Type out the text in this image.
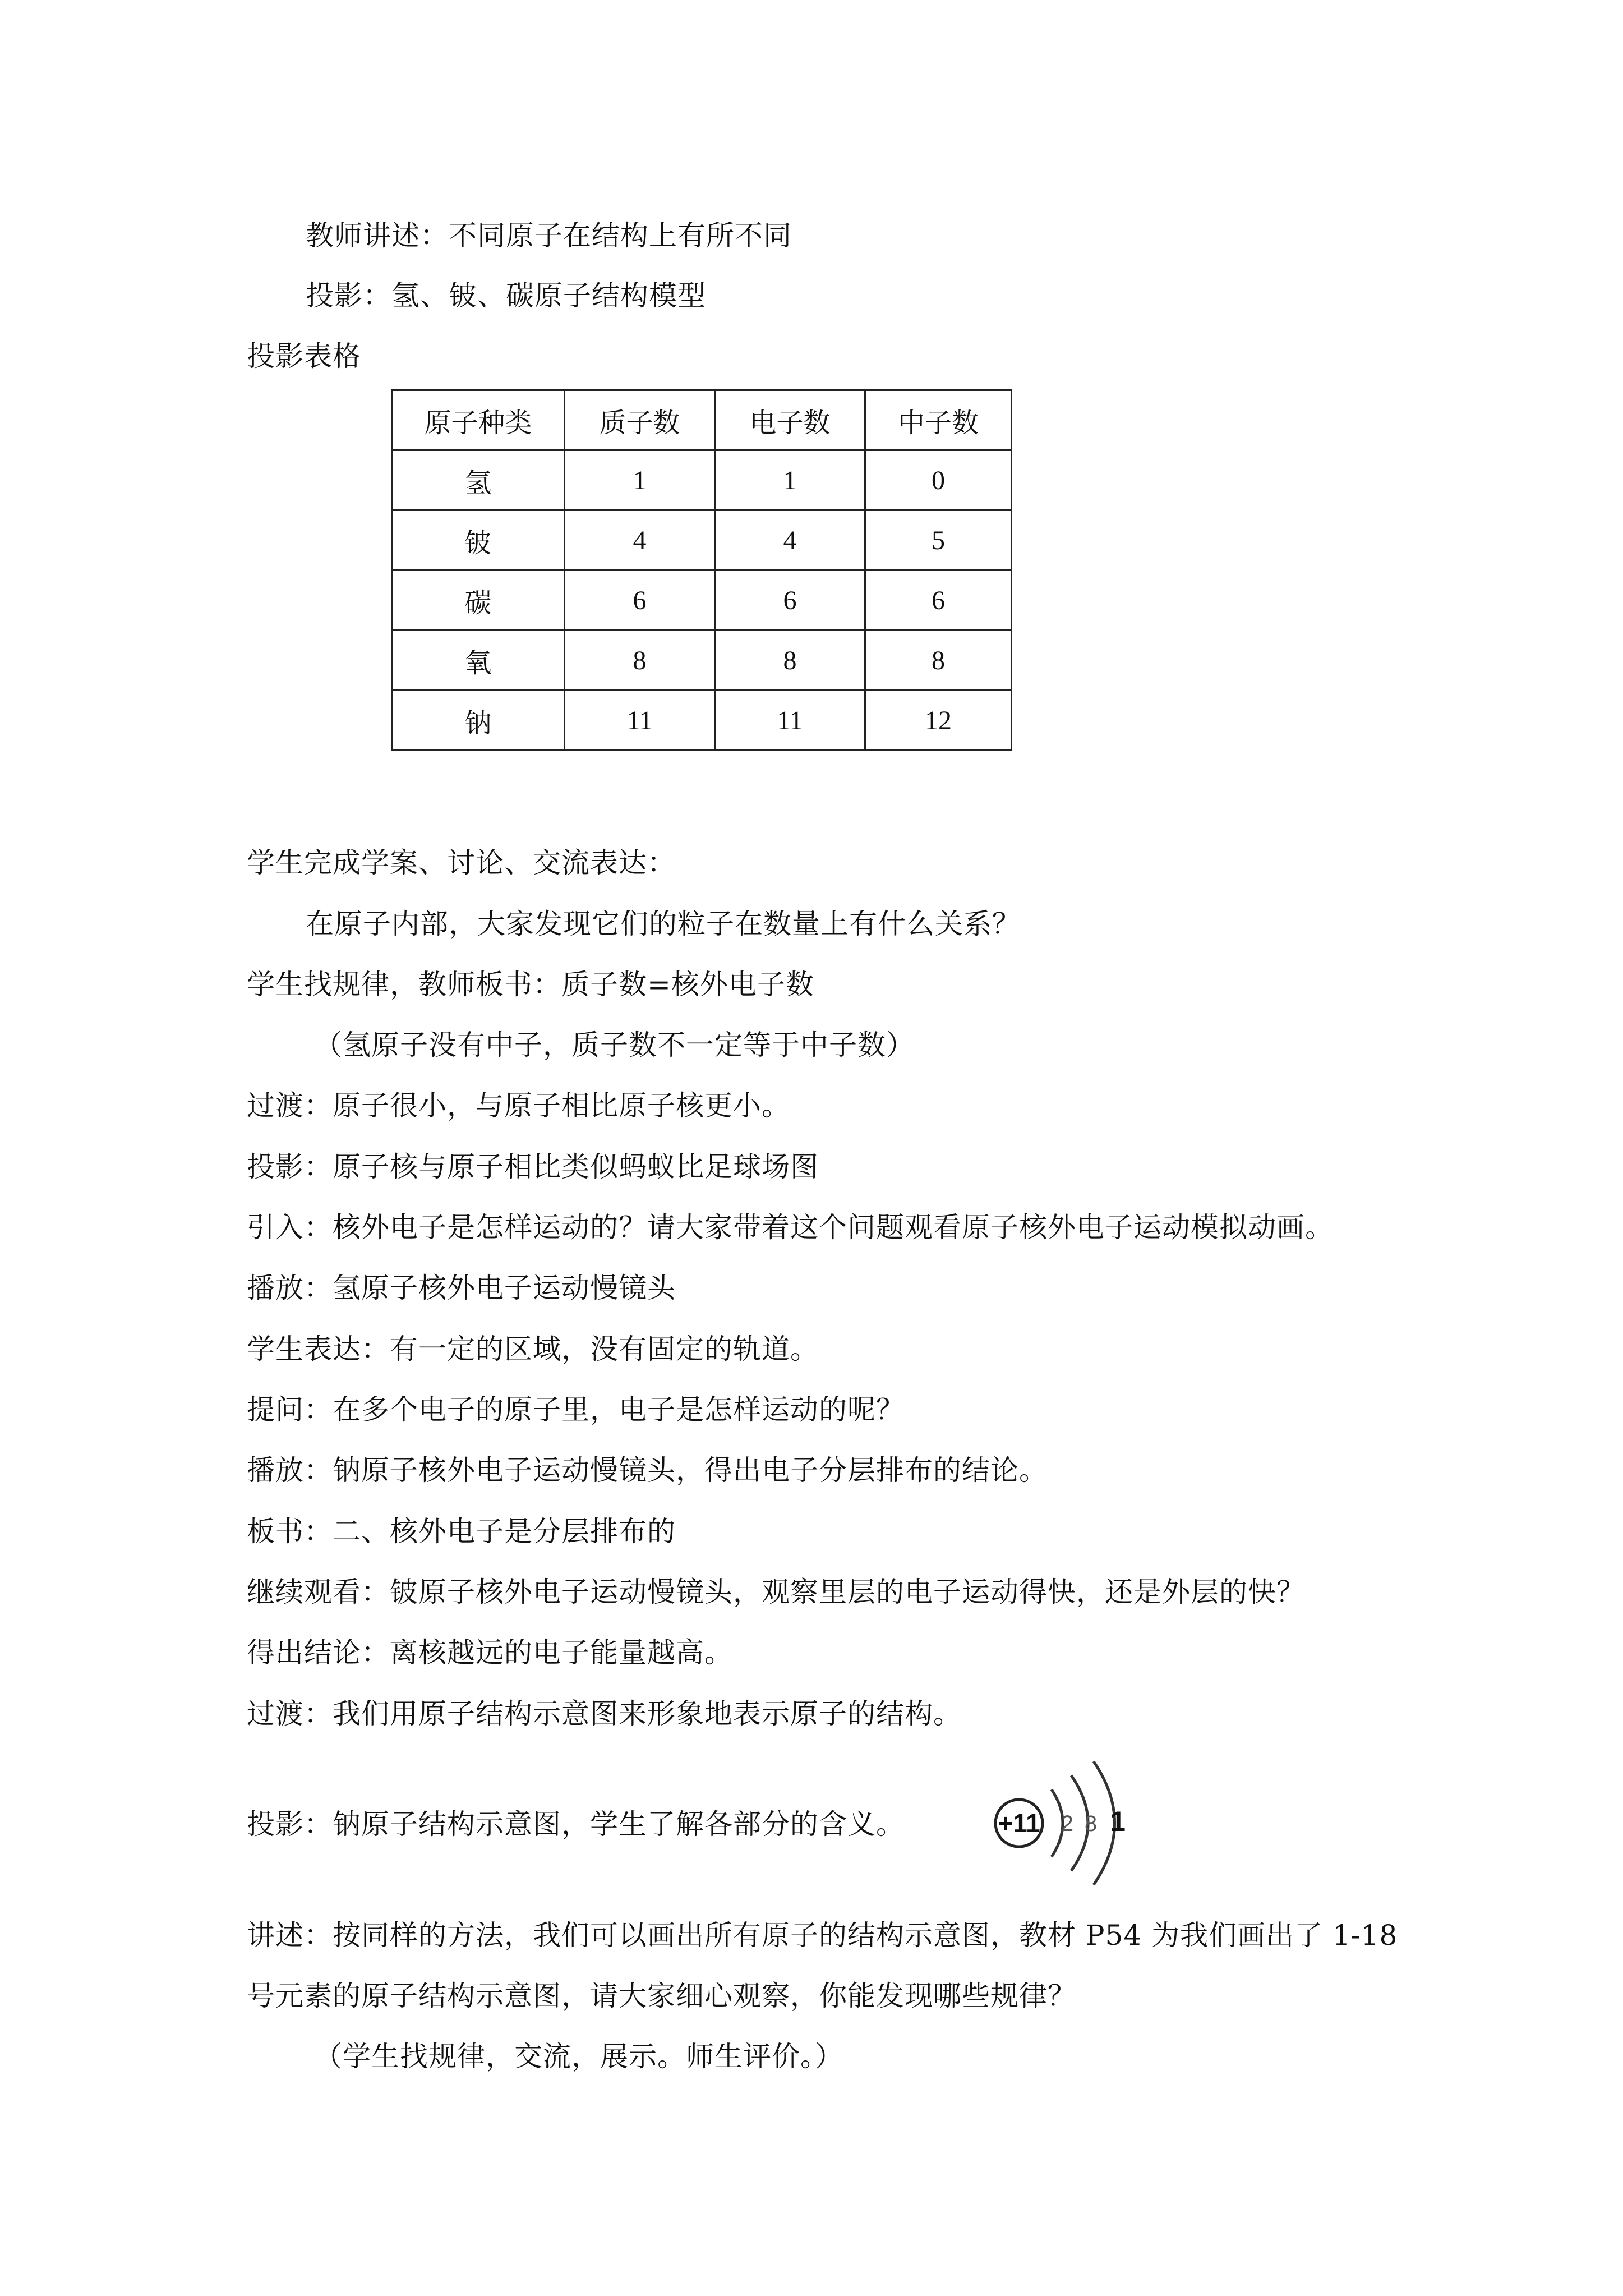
教师讲述：不同原子在结构上有所不同
投影：氢、铍、碳原子结构模型
投影表格
原子种类	质子数	电子数	中子数
氢	1	1	0
铍	4	4	5
碳	6	6	6
氧	8	8	8
钠	11	11	12
学生完成学案、讨论、交流表达：
在原子内部，大家发现它们的粒子在数量上有什么关系？
学生找规律，教师板书：质子数=核外电子数
（氢原子没有中子，质子数不一定等于中子数）
过渡：原子很小，与原子相比原子核更小。
投影：原子核与原子相比类似蚂蚁比足球场图
引入：核外电子是怎样运动的？请大家带着这个问题观看原子核外电子运动模拟动画。
播放：氢原子核外电子运动慢镜头
学生表达：有一定的区域，没有固定的轨道。
提问：在多个电子的原子里，电子是怎样运动的呢？
播放：钠原子核外电子运动慢镜头，得出电子分层排布的结论。
板书：二、核外电子是分层排布的
继续观看：铍原子核外电子运动慢镜头，观察里层的电子运动得快，还是外层的快？
得出结论：离核越远的电子能量越高。
过渡：我们用原子结构示意图来形象地表示原子的结构。
投影：钠原子结构示意图，学生了解各部分的含义。	+11 2 8 1
讲述：按同样的方法，我们可以画出所有原子的结构示意图，教材 P54 为我们画出了 1-18
号元素的原子结构示意图，请大家细心观察，你能发现哪些规律？
（学生找规律，交流，展示。师生评价。）
